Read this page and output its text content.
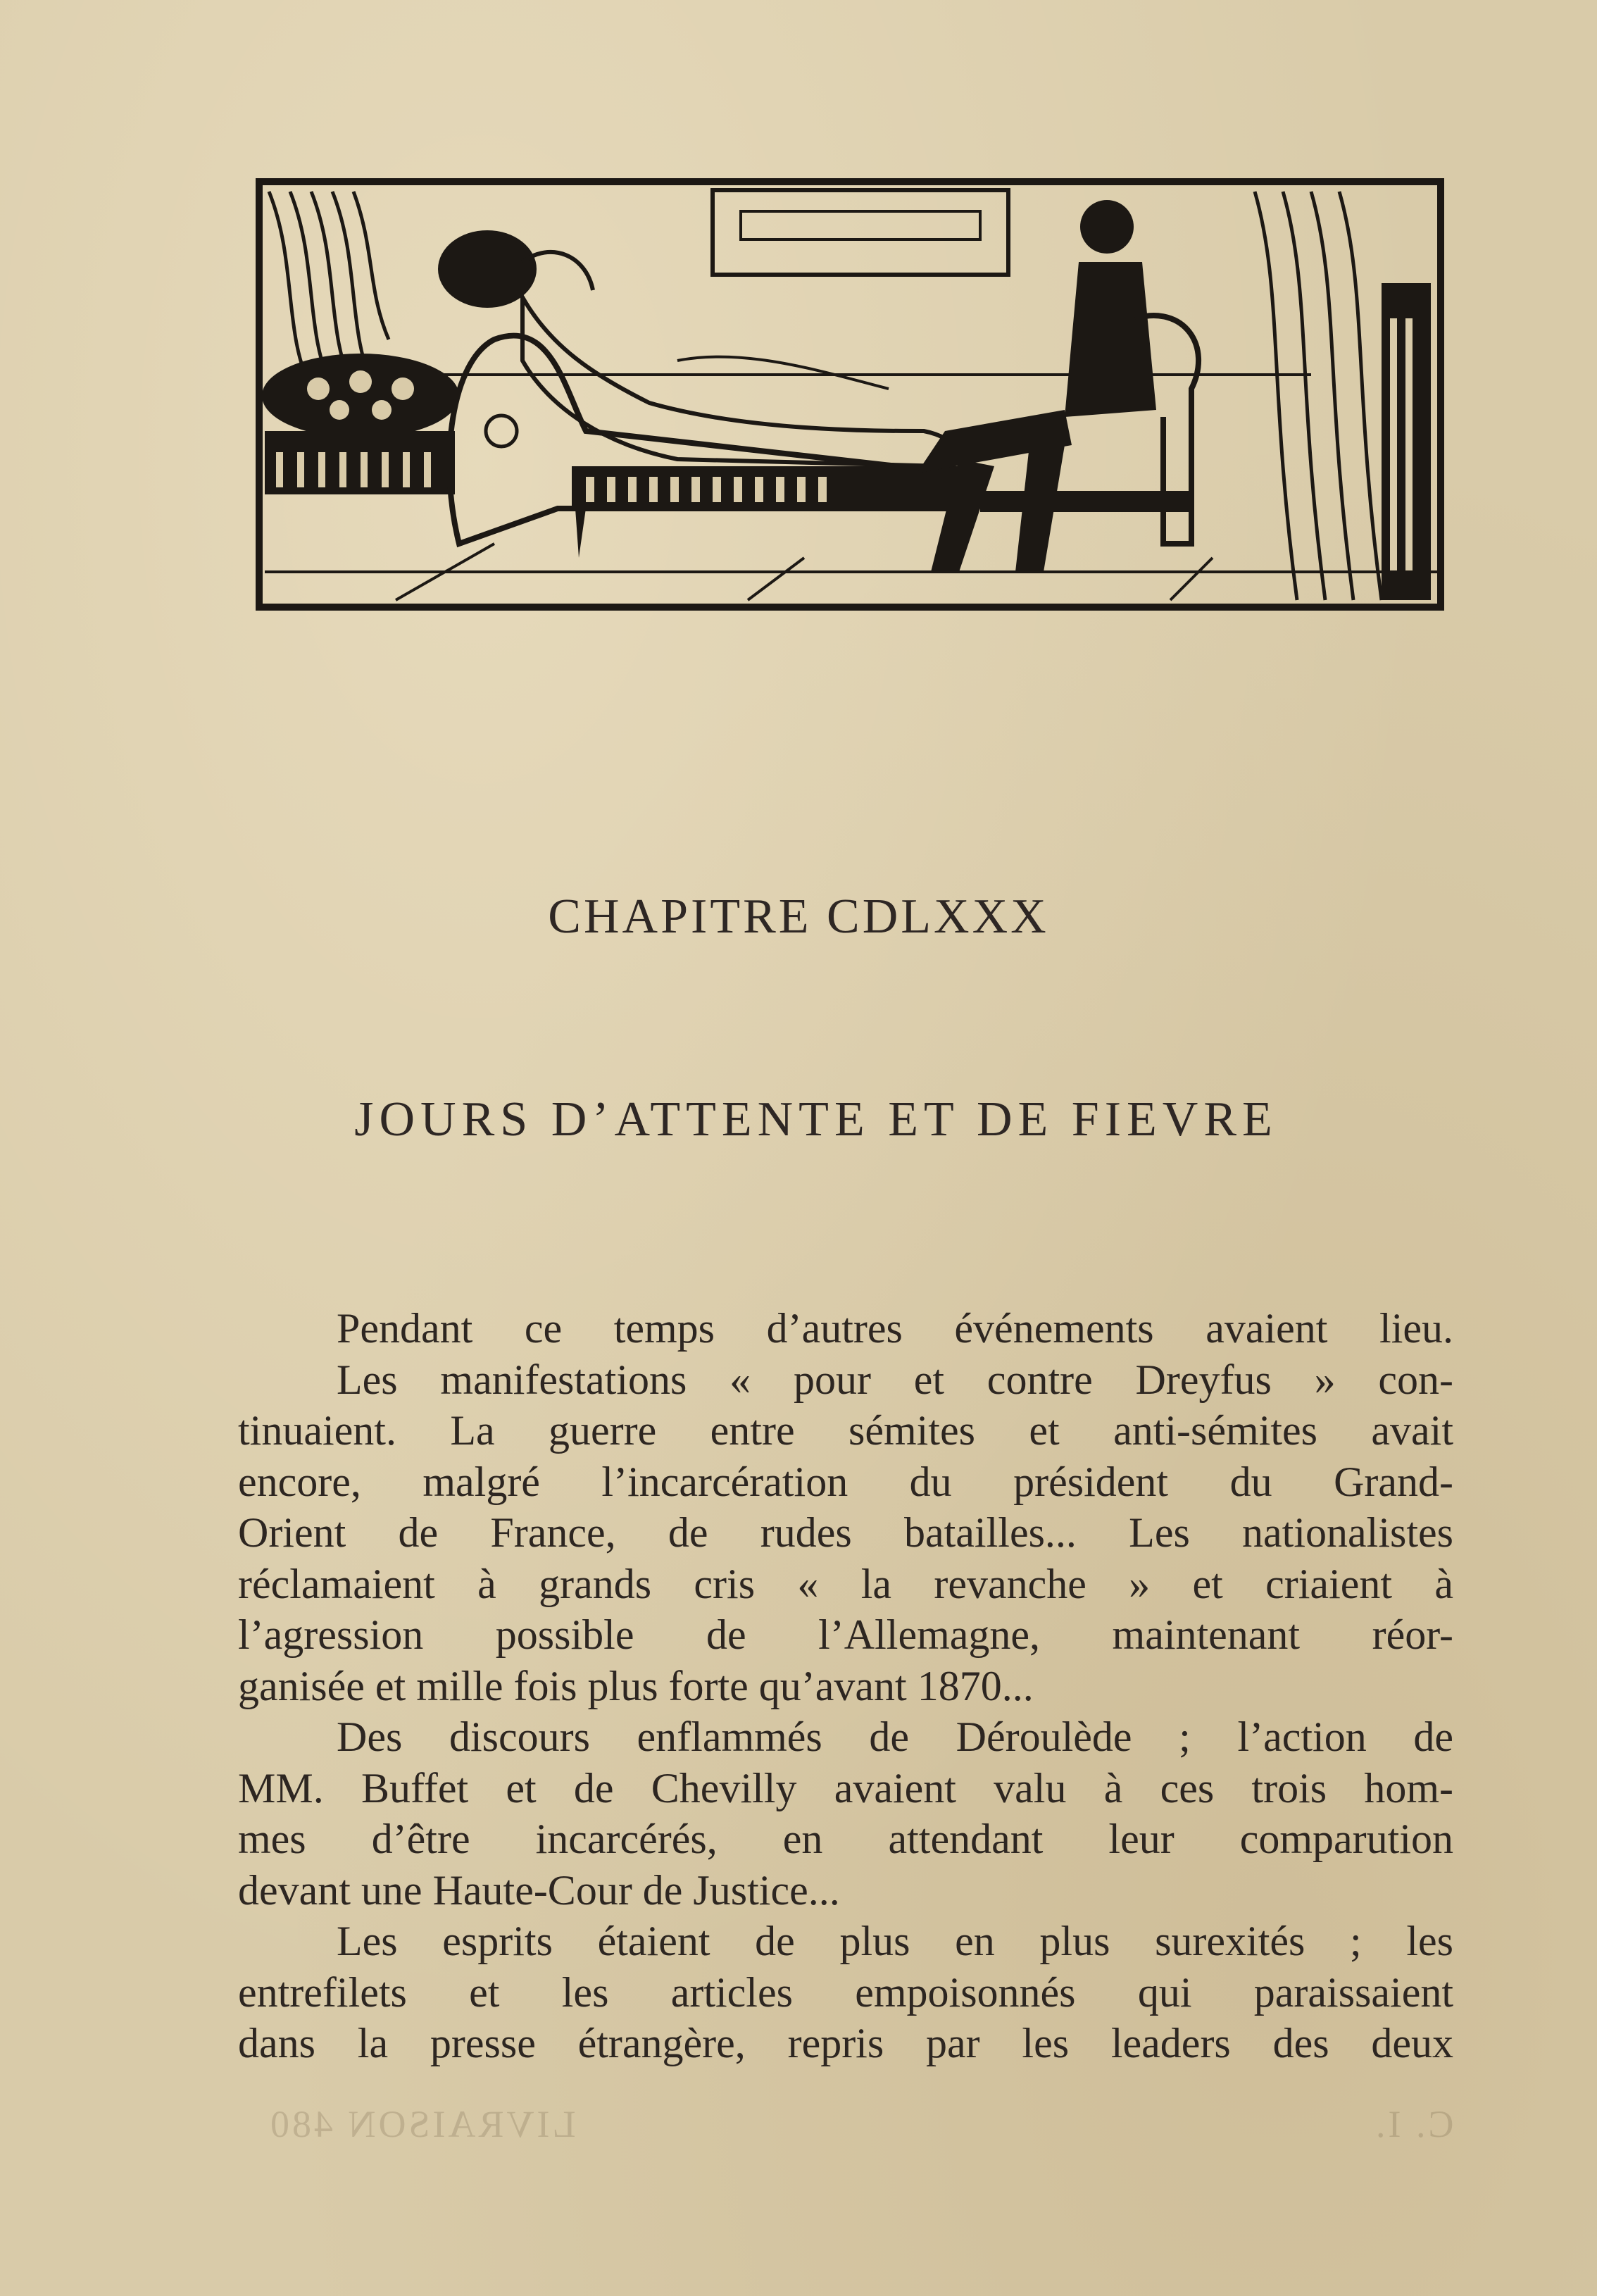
CHAPITRE CDLXXX
JOURS D’ATTENTE ET DE FIEVRE
Pendant ce temps d’autres événements avaient lieu.
Les manifestations « pour et contre Dreyfus » con-
tinuaient. La guerre entre sémites et anti-sémites avait
encore, malgré l’incarcération du président du Grand-
Orient de France, de rudes batailles... Les nationalistes
réclamaient à grands cris « la revanche » et criaient à
l’agression possible de l’Allemagne, maintenant réor-
ganisée et mille fois plus forte qu’avant 1870...
Des discours enflammés de Déroulède ; l’action de
MM. Buffet et de Chevilly avaient valu à ces trois hom-
mes d’être incarcérés, en attendant leur comparution
devant une Haute-Cour de Justice...
Les esprits étaient de plus en plus surexités ; les
entrefilets et les articles empoisonnés qui paraissaient
dans la presse étrangère, repris par les leaders des deux
LIVRAISON 480	C. I.
